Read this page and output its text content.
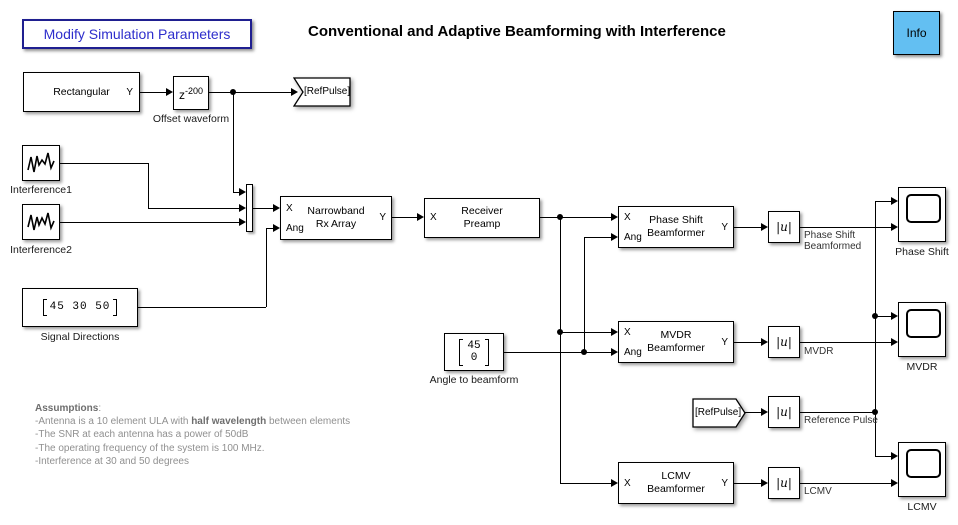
Modify Simulation Parameters	Conventional and Adaptive Beamforming with Interference	Info
Rectangular Y	$z^{-200}$
Offset waveform
[RefPulse]
Interference1
Interference2
45 30 50
Signal Directions
X
Ang
Y
Narrowband
Rx Array
X
Receiver
Preamp
X
Ang
Y
Phase Shift
Beamformer
45
0
Angle to beamform
X
Ang
Y
MVDR
Beamformer
[RefPulse]
X	Y
LCMV
Beamformer
|u|
|u|
|u|
|u|
Phase Shift
MVDR
LCMV
Phase Shift
Beamformed
MVDR
Reference Pulse
LCMV
Assumptions:
-Antenna is a 10 element ULA with half wavelength between elements
-The SNR at each antenna has a power of 50dB
-The operating frequency of the system is 100 MHz.
-Interference at 30 and 50 degrees
